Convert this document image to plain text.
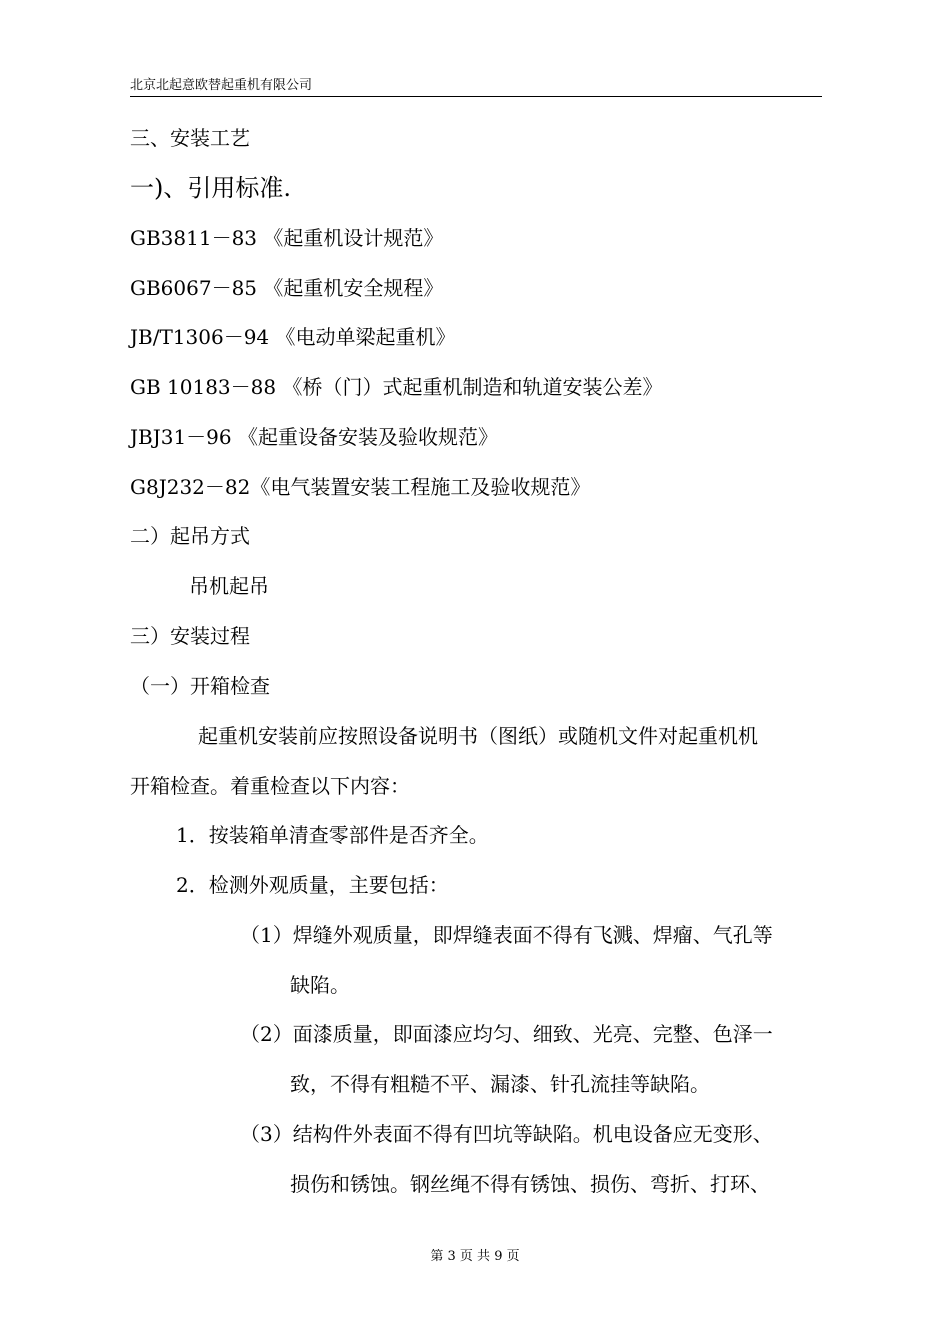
北京北起意欧替起重机有限公司
三、安装工艺
一)、引用标准.
GB3811－83 《起重机设计规范》
GB6067－85 《起重机安全规程》
JB/T1306－94 《电动单梁起重机》
GB 10183－88 《桥（门）式起重机制造和轨道安装公差》
JBJ31－96 《起重设备安装及验收规范》
G8J232－82《电气装置安装工程施工及验收规范》
二）起吊方式
吊机起吊
三）安装过程
（一）开箱检查
起重机安装前应按照设备说明书（图纸）或随机文件对起重机机
开箱检查。着重检查以下内容：
1．按装箱单清查零部件是否齐全。
2．检测外观质量，主要包括：
（1）焊缝外观质量，即焊缝表面不得有飞溅、焊瘤、气孔等
缺陷。
（2）面漆质量，即面漆应均匀、细致、光亮、完整、色泽一
致，不得有粗糙不平、漏漆、针孔流挂等缺陷。
（3）结构件外表面不得有凹坑等缺陷。机电设备应无变形、
损伤和锈蚀。钢丝绳不得有锈蚀、损伤、弯折、打环、
第 3 页 共 9 页
